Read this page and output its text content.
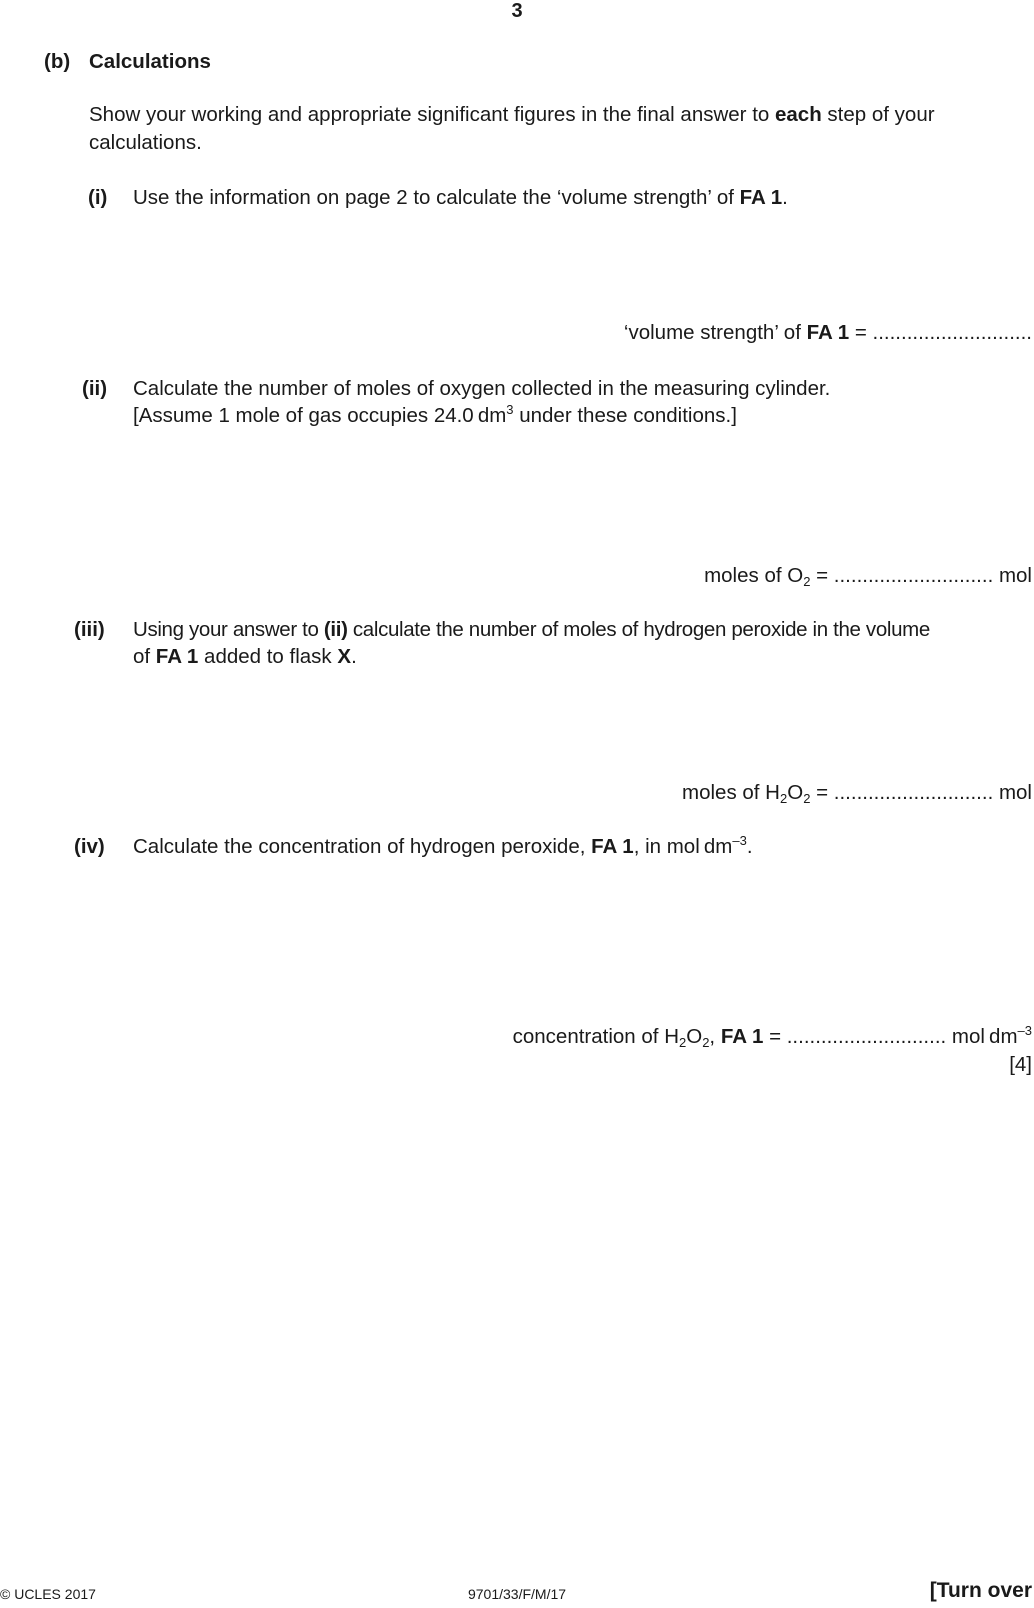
3
(b) Calculations
Show your working and appropriate significant figures in the final answer to each step of your
calculations.
(i) Use the information on page 2 to calculate the ‘volume strength’ of FA 1.
‘volume strength’ of FA 1 = ............................
(ii) Calculate the number of moles of oxygen collected in the measuring cylinder.
[Assume 1 mole of gas occupies 24.0 $dm^3$ under these conditions.]
moles of $O_2$ = ............................ mol
(iii) Using your answer to (ii) calculate the number of moles of hydrogen peroxide in the volume
of FA 1 added to flask X.
moles of $H_2O_2$ = ............................ mol
(iv) Calculate the concentration of hydrogen peroxide, FA 1, in mol $dm^{-3}$.
concentration of $H_2O_2$, FA 1 = ............................ mol $dm^{-3}$
[4]
© UCLES 2017	9701/33/F/M/17	[Turn over
